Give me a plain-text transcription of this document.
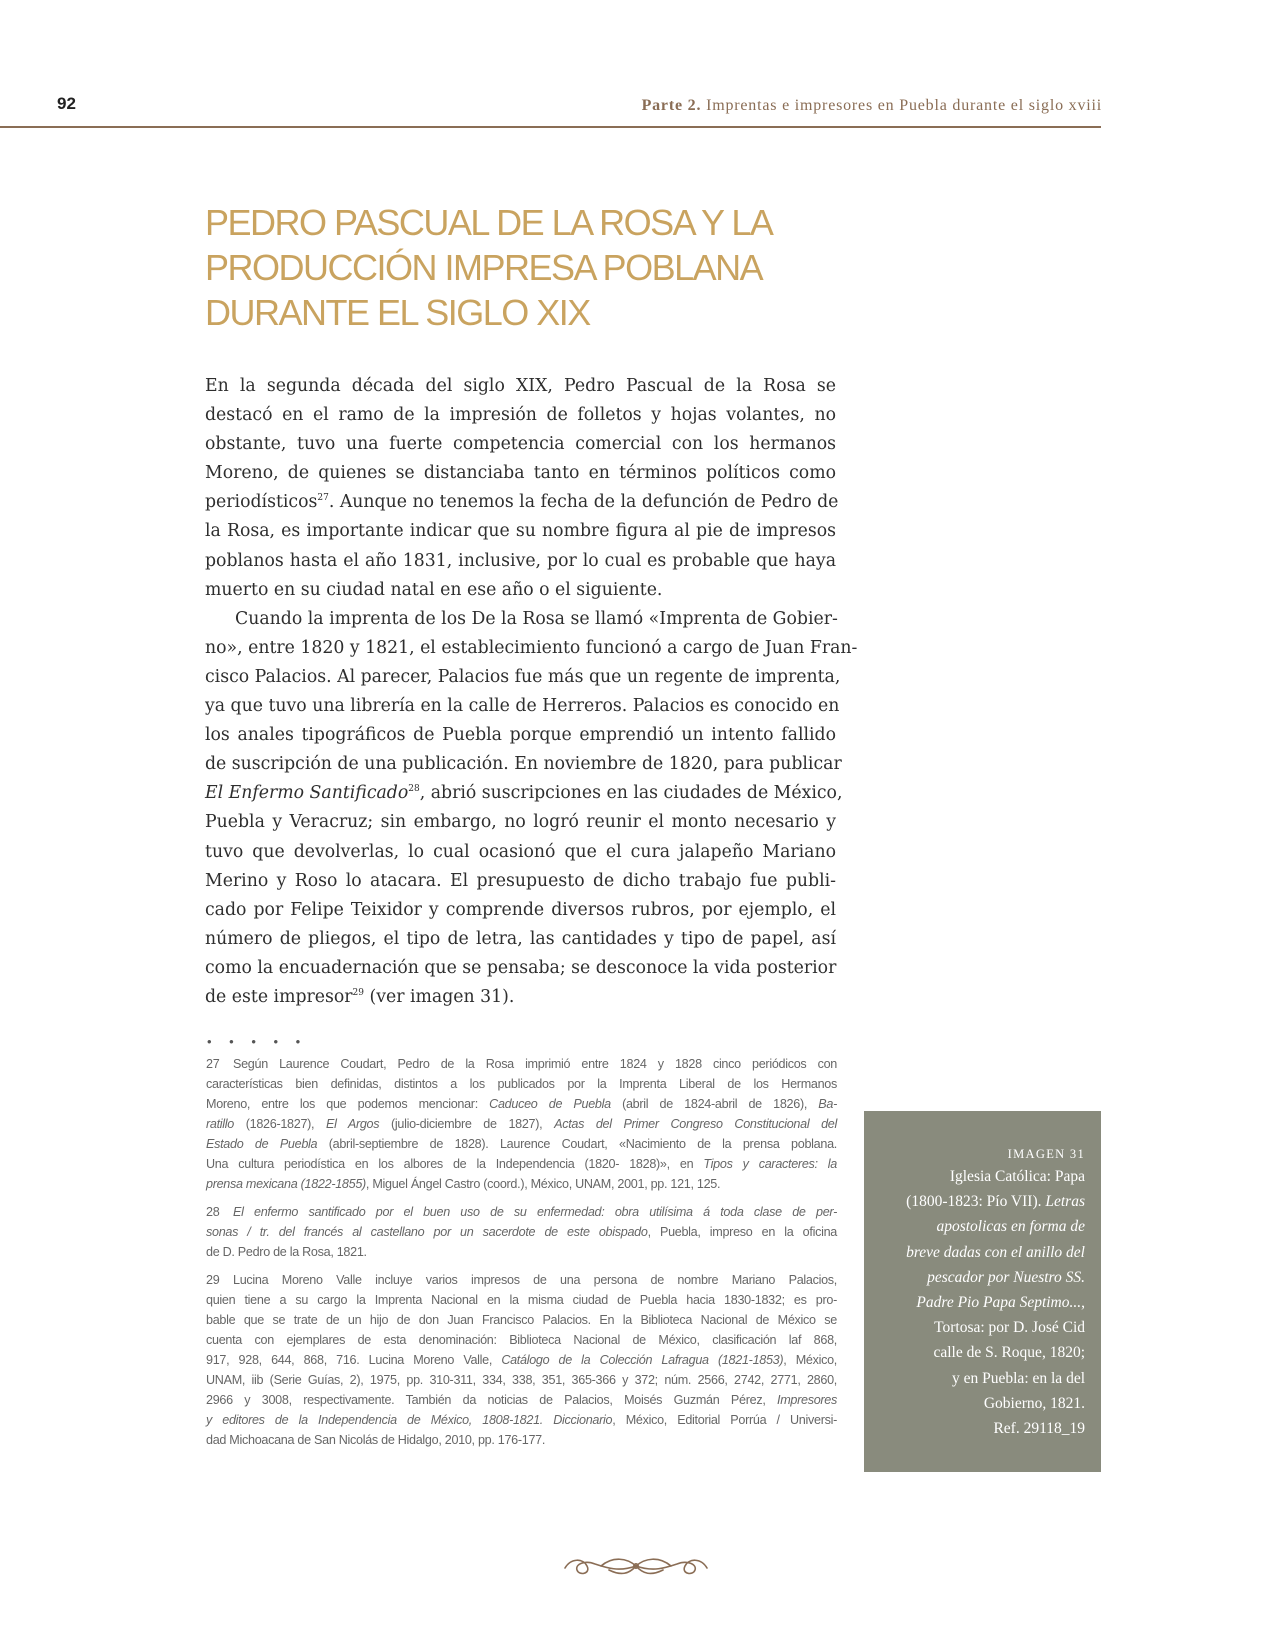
92	Parte 2. Imprentas e impresores en Puebla durante el siglo xviii
PEDRO PASCUAL DE LA ROSA Y LA
PRODUCCIÓN IMPRESA POBLANA
DURANTE EL SIGLO XIX
En la segunda década del siglo XIX, Pedro Pascual de la Rosa se
destacó en el ramo de la impresión de folletos y hojas volantes, no
obstante, tuvo una fuerte competencia comercial con los hermanos
Moreno, de quienes se distanciaba tanto en términos políticos como
periodísticos$^{27}$. Aunque no tenemos la fecha de la defunción de Pedro de
la Rosa, es importante indicar que su nombre figura al pie de impresos
poblanos hasta el año 1831, inclusive, por lo cual es probable que haya
muerto en su ciudad natal en ese año o el siguiente.
Cuando la imprenta de los De la Rosa se llamó «Imprenta de Gobier-
no», entre 1820 y 1821, el establecimiento funcionó a cargo de Juan Fran-
cisco Palacios. Al parecer, Palacios fue más que un regente de imprenta,
ya que tuvo una librería en la calle de Herreros. Palacios es conocido en
los anales tipográficos de Puebla porque emprendió un intento fallido
de suscripción de una publicación. En noviembre de 1820, para publicar
El Enfermo Santificado$^{28}$, abrió suscripciones en las ciudades de México,
Puebla y Veracruz; sin embargo, no logró reunir el monto necesario y
tuvo que devolverlas, lo cual ocasionó que el cura jalapeño Mariano
Merino y Roso lo atacara. El presupuesto de dicho trabajo fue publi-
cado por Felipe Teixidor y comprende diversos rubros, por ejemplo, el
número de pliegos, el tipo de letra, las cantidades y tipo de papel, así
como la encuadernación que se pensaba; se desconoce la vida posterior
de este impresor$^{29}$ (ver imagen 31).
• • • • •
27 Según Laurence Coudart, Pedro de la Rosa imprimió entre 1824 y 1828 cinco periódicos con
características bien definidas, distintos a los publicados por la Imprenta Liberal de los Hermanos
Moreno, entre los que podemos mencionar: Caduceo de Puebla (abril de 1824-abril de 1826), Ba-
ratillo (1826-1827), El Argos (julio-diciembre de 1827), Actas del Primer Congreso Constitucional del
Estado de Puebla (abril-septiembre de 1828). Laurence Coudart, «Nacimiento de la prensa poblana.
Una cultura periodística en los albores de la Independencia (1820- 1828)», en Tipos y caracteres: la
prensa mexicana (1822-1855), Miguel Ángel Castro (coord.), México, UNAM, 2001, pp. 121, 125.
28 El enfermo santificado por el buen uso de su enfermedad: obra utilísima á toda clase de per-
sonas / tr. del francés al castellano por un sacerdote de este obispado, Puebla, impreso en la oficina
de D. Pedro de la Rosa, 1821.
29 Lucina Moreno Valle incluye varios impresos de una persona de nombre Mariano Palacios,
quien tiene a su cargo la Imprenta Nacional en la misma ciudad de Puebla hacia 1830-1832; es pro-
bable que se trate de un hijo de don Juan Francisco Palacios. En la Biblioteca Nacional de México se
cuenta con ejemplares de esta denominación: Biblioteca Nacional de México, clasificación laf 868,
917, 928, 644, 868, 716. Lucina Moreno Valle, Catálogo de la Colección Lafragua (1821-1853), México,
UNAM, iib (Serie Guías, 2), 1975, pp. 310-311, 334, 338, 351, 365-366 y 372; núm. 2566, 2742, 2771, 2860,
2966 y 3008, respectivamente. También da noticias de Palacios, Moisés Guzmán Pérez, Impresores
y editores de la Independencia de México, 1808-1821. Diccionario, México, Editorial Porrúa / Universi-
dad Michoacana de San Nicolás de Hidalgo, 2010, pp. 176-177.
IMAGEN 31
Iglesia Católica: Papa
(1800-1823: Pío VII). Letras
apostolicas en forma de
breve dadas con el anillo del
pescador por Nuestro SS.
Padre Pio Papa Septimo...,
Tortosa: por D. José Cid
calle de S. Roque, 1820;
y en Puebla: en la del
Gobierno, 1821.
Ref. 29118_19
